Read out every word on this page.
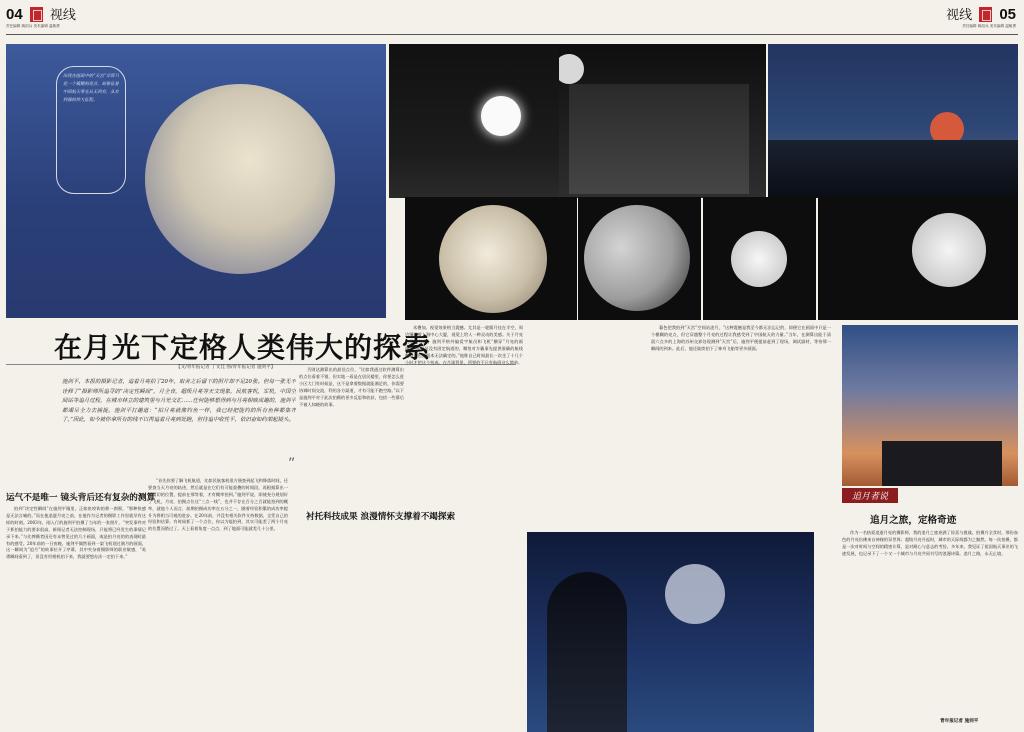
04 视线
责任编辑 姚绍兵 美术编辑 温敏勇
视线 05
责任编辑 姚绍兵 美术编辑 温敏勇
出现在画面中的“天宫”尽管只是一个模糊的亮点，却象征着中国航天事业从无到有，从有到强的伟大征程。
在月光下定格人类伟大的探索
【文/青年报记者 丁文佳 图/青年报记者 施剑平】
施剑平，本报的摄影记者，追着月亮拍了20年，取舍之后留下的照片却不足20张。但每一张无不诠释了“摄影师所追寻的”决定性瞬间”，月全食，超级月亮等天文现象，民航客机，军机，中国空间站等追月过程，在城市林立的建筑里与月光交汇……任何能够想得到与月亮相映成趣的，施剑平都竭尽全力去捕捉。施剑平打趣道：“拍月亮就像钓鱼一样，我已经把能钓的所有鱼种都集齐了。”因此，如今被你拿所有的线不以再追着月亮到处跑，但待追中收性平，依旧奋如约架起镜头。
”
运气不是唯一 镜头背后还有复杂的测算

拍到“决定性瞬间”在施剑平眼里，正如鱼咬钩的那一刹那，“那种快感是无法言喻的。”而在他追逐月亮之前，在他作为记者的摄影工作里就早有这样的时刻。2003年，刚入行的施剑平拍摄了当年的一张照片，“突发事件对于抓拍能力的要求很高，新闻记者无法控制现场，只能将已经发生的事情记录下来。”与比摔摄者因还有未曾见过的几个画面，或是拍月亮的的表现时最有的感受。20年前的一日夜晚，施剑平偶然看到一架飞机划过满月的画面，这一瞬间为“追月”的故事拉开了序幕，其中夹杂着摄影师的职业敏感，“英勇瞬间看到了，但没有用相机拍下来，我就要想办法一定拍下来。”

“首先你要了解飞机航道，比如民航客机很方便查到起飞和降落时间，还要查当天月亮的轨迹，然后就是在它们有可能重叠的时间段，再根据算出一个精切的位置，提前在那等着，才有概率拍到。”施剑平说，即使充分规划好了飞机，月亮，拍摄点位这“三点一线”，也并不存在百分之百就能拍到的概率，就他个人而言，前期拍摄成功率在五分之一，随着经验积累的成功率提升为将相当可观的进步。在20年前，并没有相关软件支持数据，全凭自己的经验和估算。有时候抓了一个点位，你以为能拍到，其实可能差了两个月亮的位置而错过了。天上看着角度一点点，到了地面可能就差几十公里。

否则达测算出的最佳点位，“比如我通过软件测算出的点位看着不错，但实地一看是在居民楼里，你要怎么进小区大门有时候是，这不是拿着数据就能满足的，你需要协调时间交流，利用各方渠道，才有可能不跑空路。”以下是施剑平对于此次拍摄的更多反思和收获，包括一些幕后不被人知晓的故事。

术叠加，视觉效果相当震撼。尤其是一轮圆月挂在半空，周边镶满着上海中心大厦，视觉上给人一种灵动的美感。关于月亮的组合构图，施剑平格外偏爱宇航员和飞机“横穿”月亮的画面，“军机是没有固定航道的，哪怕对方戴事先提供准确的航线数据，也是根本无法确定的。”他称自己时间最长一次坐了十几个小时才把这个拍成。在月球背景，所要的不只有航班这么简单。

衬托科技成果 浪漫情怀支撑着不竭探索

暮色把我拍到“天宫”空间站凌月，“这种震撼是我至今都无法忘记的，即便它在画面中只是一个模糊的亮点，但它穿越整个月亮的过程让我感受到了中国航天的力量。”当年，在测算出能于清晨六点多的上海的苏州交界处现测到“天宫”后，施剑平便提前赶到了现场，调试器材，等待那一瞬间的到来。此后，他还陆续拍下了神舟飞船等更多画面。

追月者说
追月之旅，定格奇迹

作为一名热爱追逐月亮的摄影师，我的追月之旅充满了惊喜与挑战。拍摄月全食时，那份血色的月亮仿佛来自神秘的异世界；超级月亮升起时，城市的天际线都为之黯然。每一次拍摄，都是一次对时间与空间的精密计算，是对耐心与意志的考验。多年来，我见证了祖国航天事业的飞速发展，也记录下了一个又一个城市与月亮共同书写的浪漫诗篇。追月之路，永无止境。

青年报记者 施剑平
